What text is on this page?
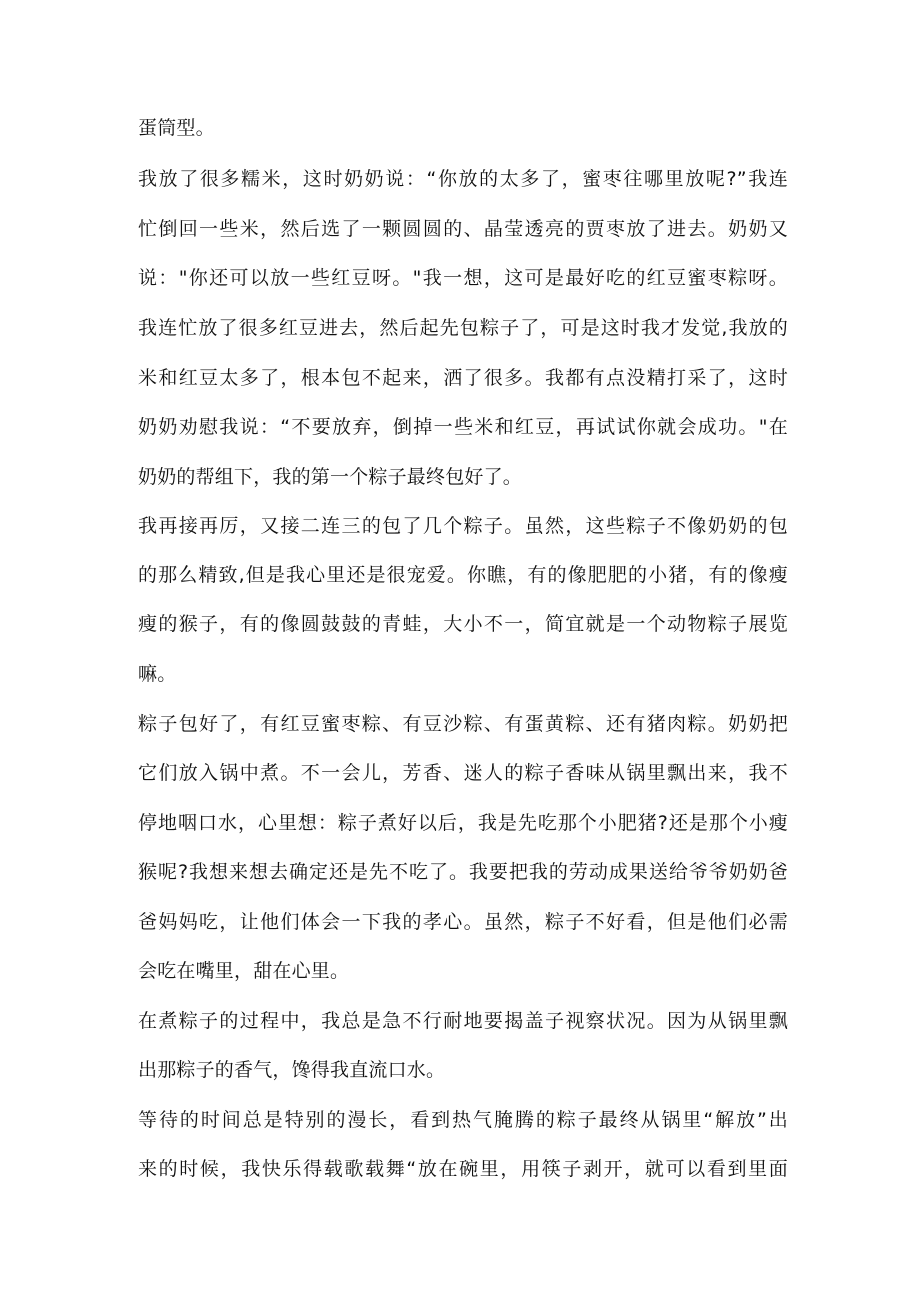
蛋筒型。
我放了很多糯米，这时奶奶说：“你放的太多了，蜜枣往哪里放呢?”我连
忙倒回一些米，然后选了一颗圆圆的、晶莹透亮的贾枣放了进去。奶奶又
说："你还可以放一些红豆呀。"我一想，这可是最好吃的红豆蜜枣粽呀。
我连忙放了很多红豆进去，然后起先包粽子了，可是这时我才发觉,我放的
米和红豆太多了，根本包不起来，洒了很多。我都有点没精打采了，这时
奶奶劝慰我说：“不要放弃，倒掉一些米和红豆，再试试你就会成功。"在
奶奶的帮组下，我的第一个粽子最终包好了。
我再接再厉，又接二连三的包了几个粽子。虽然，这些粽子不像奶奶的包
的那么精致,但是我心里还是很宠爱。你瞧，有的像肥肥的小猪，有的像瘦
瘦的猴子，有的像圆鼓鼓的青蛙，大小不一，简宜就是一个动物粽子展览
嘛。
粽子包好了，有红豆蜜枣粽、有豆沙粽、有蛋黄粽、还有猪肉粽。奶奶把
它们放入锅中煮。不一会儿，芳香、迷人的粽子香味从锅里飘出来，我不
停地咽口水，心里想：粽子煮好以后，我是先吃那个小肥猪?还是那个小瘦
猴呢?我想来想去确定还是先不吃了。我要把我的劳动成果送给爷爷奶奶爸
爸妈妈吃，让他们体会一下我的孝心。虽然，粽子不好看，但是他们必需
会吃在嘴里，甜在心里。
在煮粽子的过程中，我总是急不行耐地要揭盖子视察状况。因为从锅里飘
出那粽子的香气，馋得我直流口水。
等待的时间总是特别的漫长，看到热气腌腾的粽子最终从锅里“解放”出
来的时候，我快乐得载歌载舞“放在碗里，用筷子剥开，就可以看到里面
